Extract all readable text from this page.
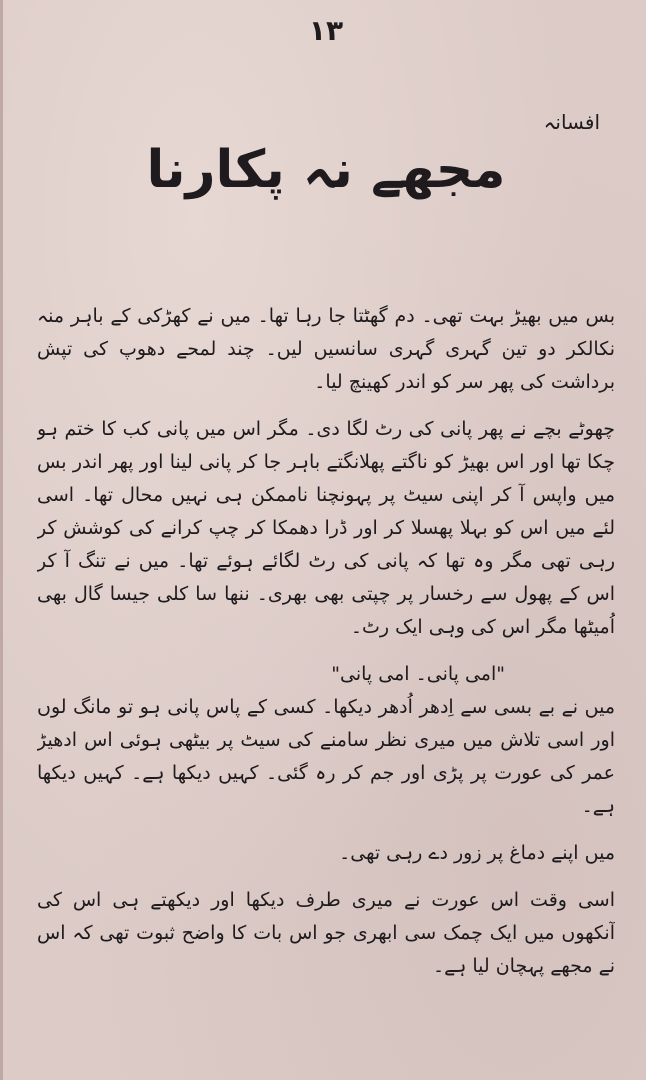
١٣
افسانہ
مجھے نہ پکارنا

بس میں بھیڑ بہت تھی۔ دم گھٹتا جا رہا تھا۔ میں نے کھڑکی کے باہر منہ نکالکر دو تین گہری گہری سانسیں لیں۔ چند لمحے دھوپ کی تپش برداشت کی پھر سر کو اندر کھینچ لیا۔

چھوٹے بچے نے پھر پانی کی رٹ لگا دی۔ مگر اس میں پانی کب کا ختم ہو چکا تھا اور اس بھیڑ کو ناگتے پھلانگتے باہر جا کر پانی لینا اور پھر اندر بس میں واپس آ کر اپنی سیٹ پر پہونچنا ناممکن ہی نہیں محال تھا۔ اسی لئے میں اس کو بہلا پھسلا کر اور ڈرا دھمکا کر چپ کرانے کی کوشش کر رہی تھی مگر وہ تھا کہ پانی کی رٹ لگائے ہوئے تھا۔ میں نے تنگ آ کر اس کے پھول سے رخسار پر چپتی بھی بھری۔ ننھا سا کلی جیسا گال بھی اُمیٹھا مگر اس کی وہی ایک رٹ۔

"امی پانی۔ امی پانی"

میں نے بے بسی سے اِدھر اُدھر دیکھا۔ کسی کے پاس پانی ہو تو مانگ لوں اور اسی تلاش میں میری نظر سامنے کی سیٹ پر بیٹھی ہوئی اس ادھیڑ عمر کی عورت پر پڑی اور جم کر رہ گئی۔ کہیں دیکھا ہے۔ کہیں دیکھا ہے۔

میں اپنے دماغ پر زور دے رہی تھی۔

اسی وقت اس عورت نے میری طرف دیکھا اور دیکھتے ہی اس کی آنکھوں میں ایک چمک سی ابھری جو اس بات کا واضح ثبوت تھی کہ اس نے مجھے پہچان لیا ہے۔
